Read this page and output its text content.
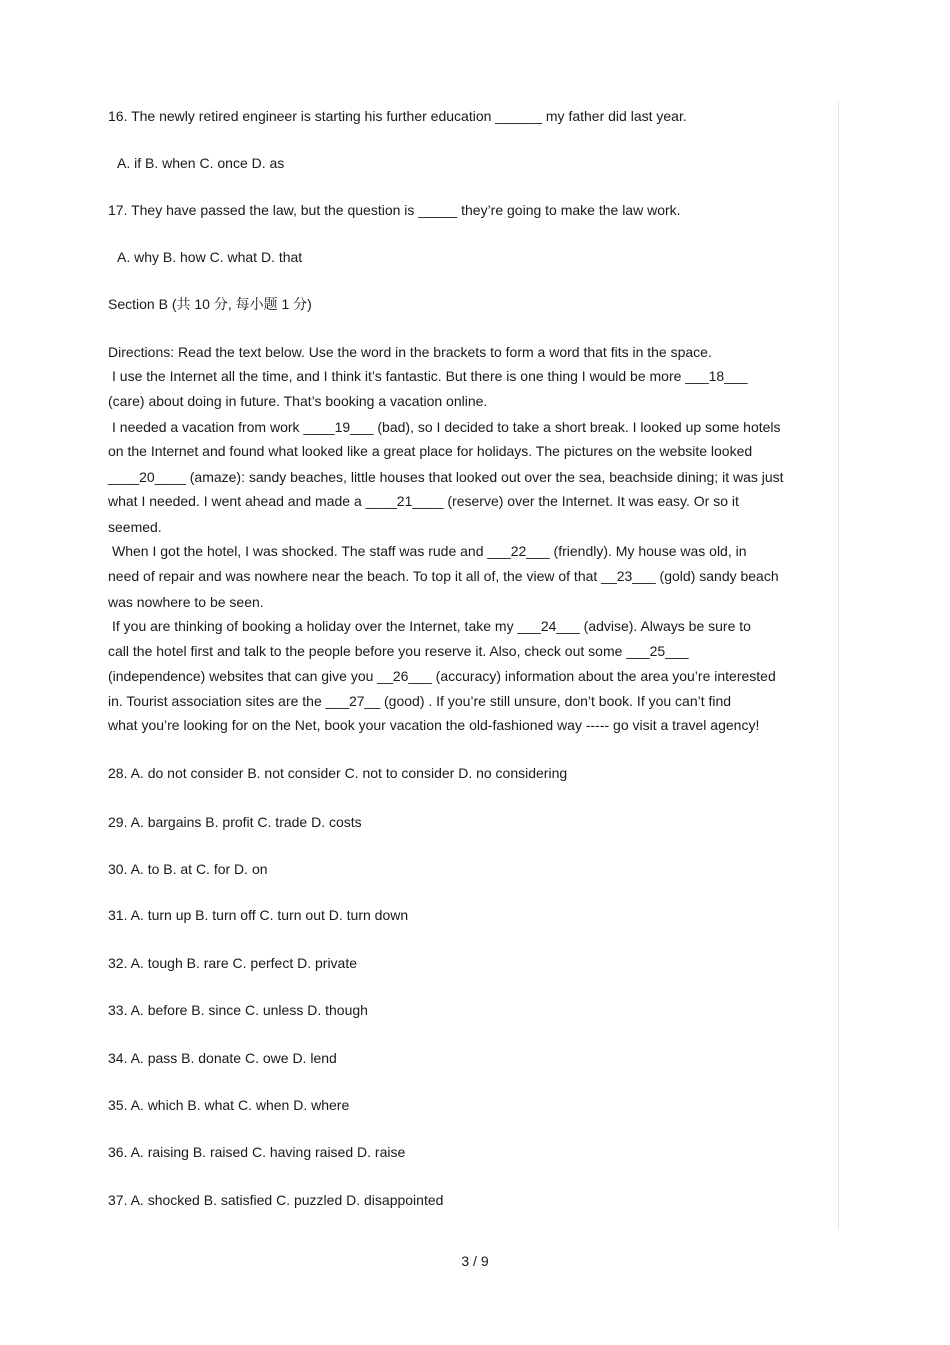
16. The newly retired engineer is starting his further education ______ my father did last year.
A. if B. when C. once D. as
17. They have passed the law, but the question is _____ they’re going to make the law work.
A. why B. how C. what D. that
Section B (共 10 分, 每小题 1 分)
Directions: Read the text below. Use the word in the brackets to form a word that fits in the space.
I use the Internet all the time, and I think it’s fantastic. But there is one thing I would be more ___18___
(care) about doing in future. That’s booking a vacation online.
I needed a vacation from work ____19___ (bad), so I decided to take a short break. I looked up some hotels
on the Internet and found what looked like a great place for holidays. The pictures on the website looked
____20____ (amaze): sandy beaches, little houses that looked out over the sea, beachside dining; it was just
what I needed. I went ahead and made a ____21____ (reserve) over the Internet. It was easy. Or so it
seemed.
When I got the hotel, I was shocked. The staff was rude and ___22___ (friendly). My house was old, in
need of repair and was nowhere near the beach. To top it all of, the view of that __23___ (gold) sandy beach
was nowhere to be seen.
If you are thinking of booking a holiday over the Internet, take my ___24___ (advise). Always be sure to
call the hotel first and talk to the people before you reserve it. Also, check out some ___25___
(independence) websites that can give you __26___ (accuracy) information about the area you’re interested
in. Tourist association sites are the ___27__ (good) . If you’re still unsure, don’t book. If you can’t find
what you’re looking for on the Net, book your vacation the old-fashioned way ----- go visit a travel agency!
28. A. do not consider B. not consider C. not to consider D. no considering
29. A. bargains B. profit C. trade D. costs
30. A. to B. at C. for D. on
31. A. turn up B. turn off C. turn out D. turn down
32. A. tough B. rare C. perfect D. private
33. A. before B. since C. unless D. though
34. A. pass B. donate C. owe D. lend
35. A. which B. what C. when D. where
36. A. raising B. raised C. having raised D. raise
37. A. shocked B. satisfied C. puzzled D. disappointed
3 / 9
